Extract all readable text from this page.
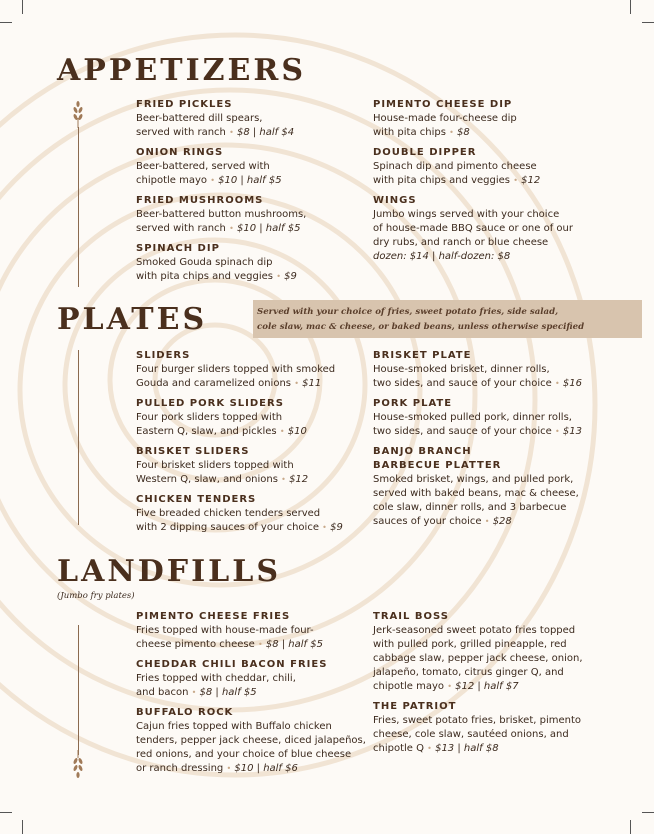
APPETIZERS
FRIED PICKLES
Beer-battered dill spears,
served with ranch • $8 | half $4
ONION RINGS
Beer-battered, served with
chipotle mayo • $10 | half $5
FRIED MUSHROOMS
Beer-battered button mushrooms,
served with ranch • $10 | half $5
SPINACH DIP
Smoked Gouda spinach dip
with pita chips and veggies • $9
PIMENTO CHEESE DIP
House-made four-cheese dip
with pita chips • $8
DOUBLE DIPPER
Spinach dip and pimento cheese
with pita chips and veggies • $12
WINGS
Jumbo wings served with your choice
of house-made BBQ sauce or one of our
dry rubs, and ranch or blue cheese
dozen: $14 | half-dozen: $8
PLATES	Served with your choice of fries, sweet potato fries, side salad,
cole slaw, mac & cheese, or baked beans, unless otherwise specified
SLIDERS
Four burger sliders topped with smoked
Gouda and caramelized onions • $11
PULLED PORK SLIDERS
Four pork sliders topped with
Eastern Q, slaw, and pickles • $10
BRISKET SLIDERS
Four brisket sliders topped with
Western Q, slaw, and onions • $12
CHICKEN TENDERS
Five breaded chicken tenders served
with 2 dipping sauces of your choice • $9
BRISKET PLATE
House-smoked brisket, dinner rolls,
two sides, and sauce of your choice • $16
PORK PLATE
House-smoked pulled pork, dinner rolls,
two sides, and sauce of your choice • $13
BANJO BRANCH
BARBECUE PLATTER
Smoked brisket, wings, and pulled pork,
served with baked beans, mac & cheese,
cole slaw, dinner rolls, and 3 barbecue
sauces of your choice • $28
LANDFILLS
(Jumbo fry plates)
PIMENTO CHEESE FRIES
Fries topped with house-made four-
cheese pimento cheese • $8 | half $5
CHEDDAR CHILI BACON FRIES
Fries topped with cheddar, chili,
and bacon • $8 | half $5
BUFFALO ROCK
Cajun fries topped with Buffalo chicken
tenders, pepper jack cheese, diced jalapeños,
red onions, and your choice of blue cheese
or ranch dressing • $10 | half $6
TRAIL BOSS
Jerk-seasoned sweet potato fries topped
with pulled pork, grilled pineapple, red
cabbage slaw, pepper jack cheese, onion,
jalapeño, tomato, citrus ginger Q, and
chipotle mayo • $12 | half $7
THE PATRIOT
Fries, sweet potato fries, brisket, pimento
cheese, cole slaw, sautéed onions, and
chipotle Q • $13 | half $8
